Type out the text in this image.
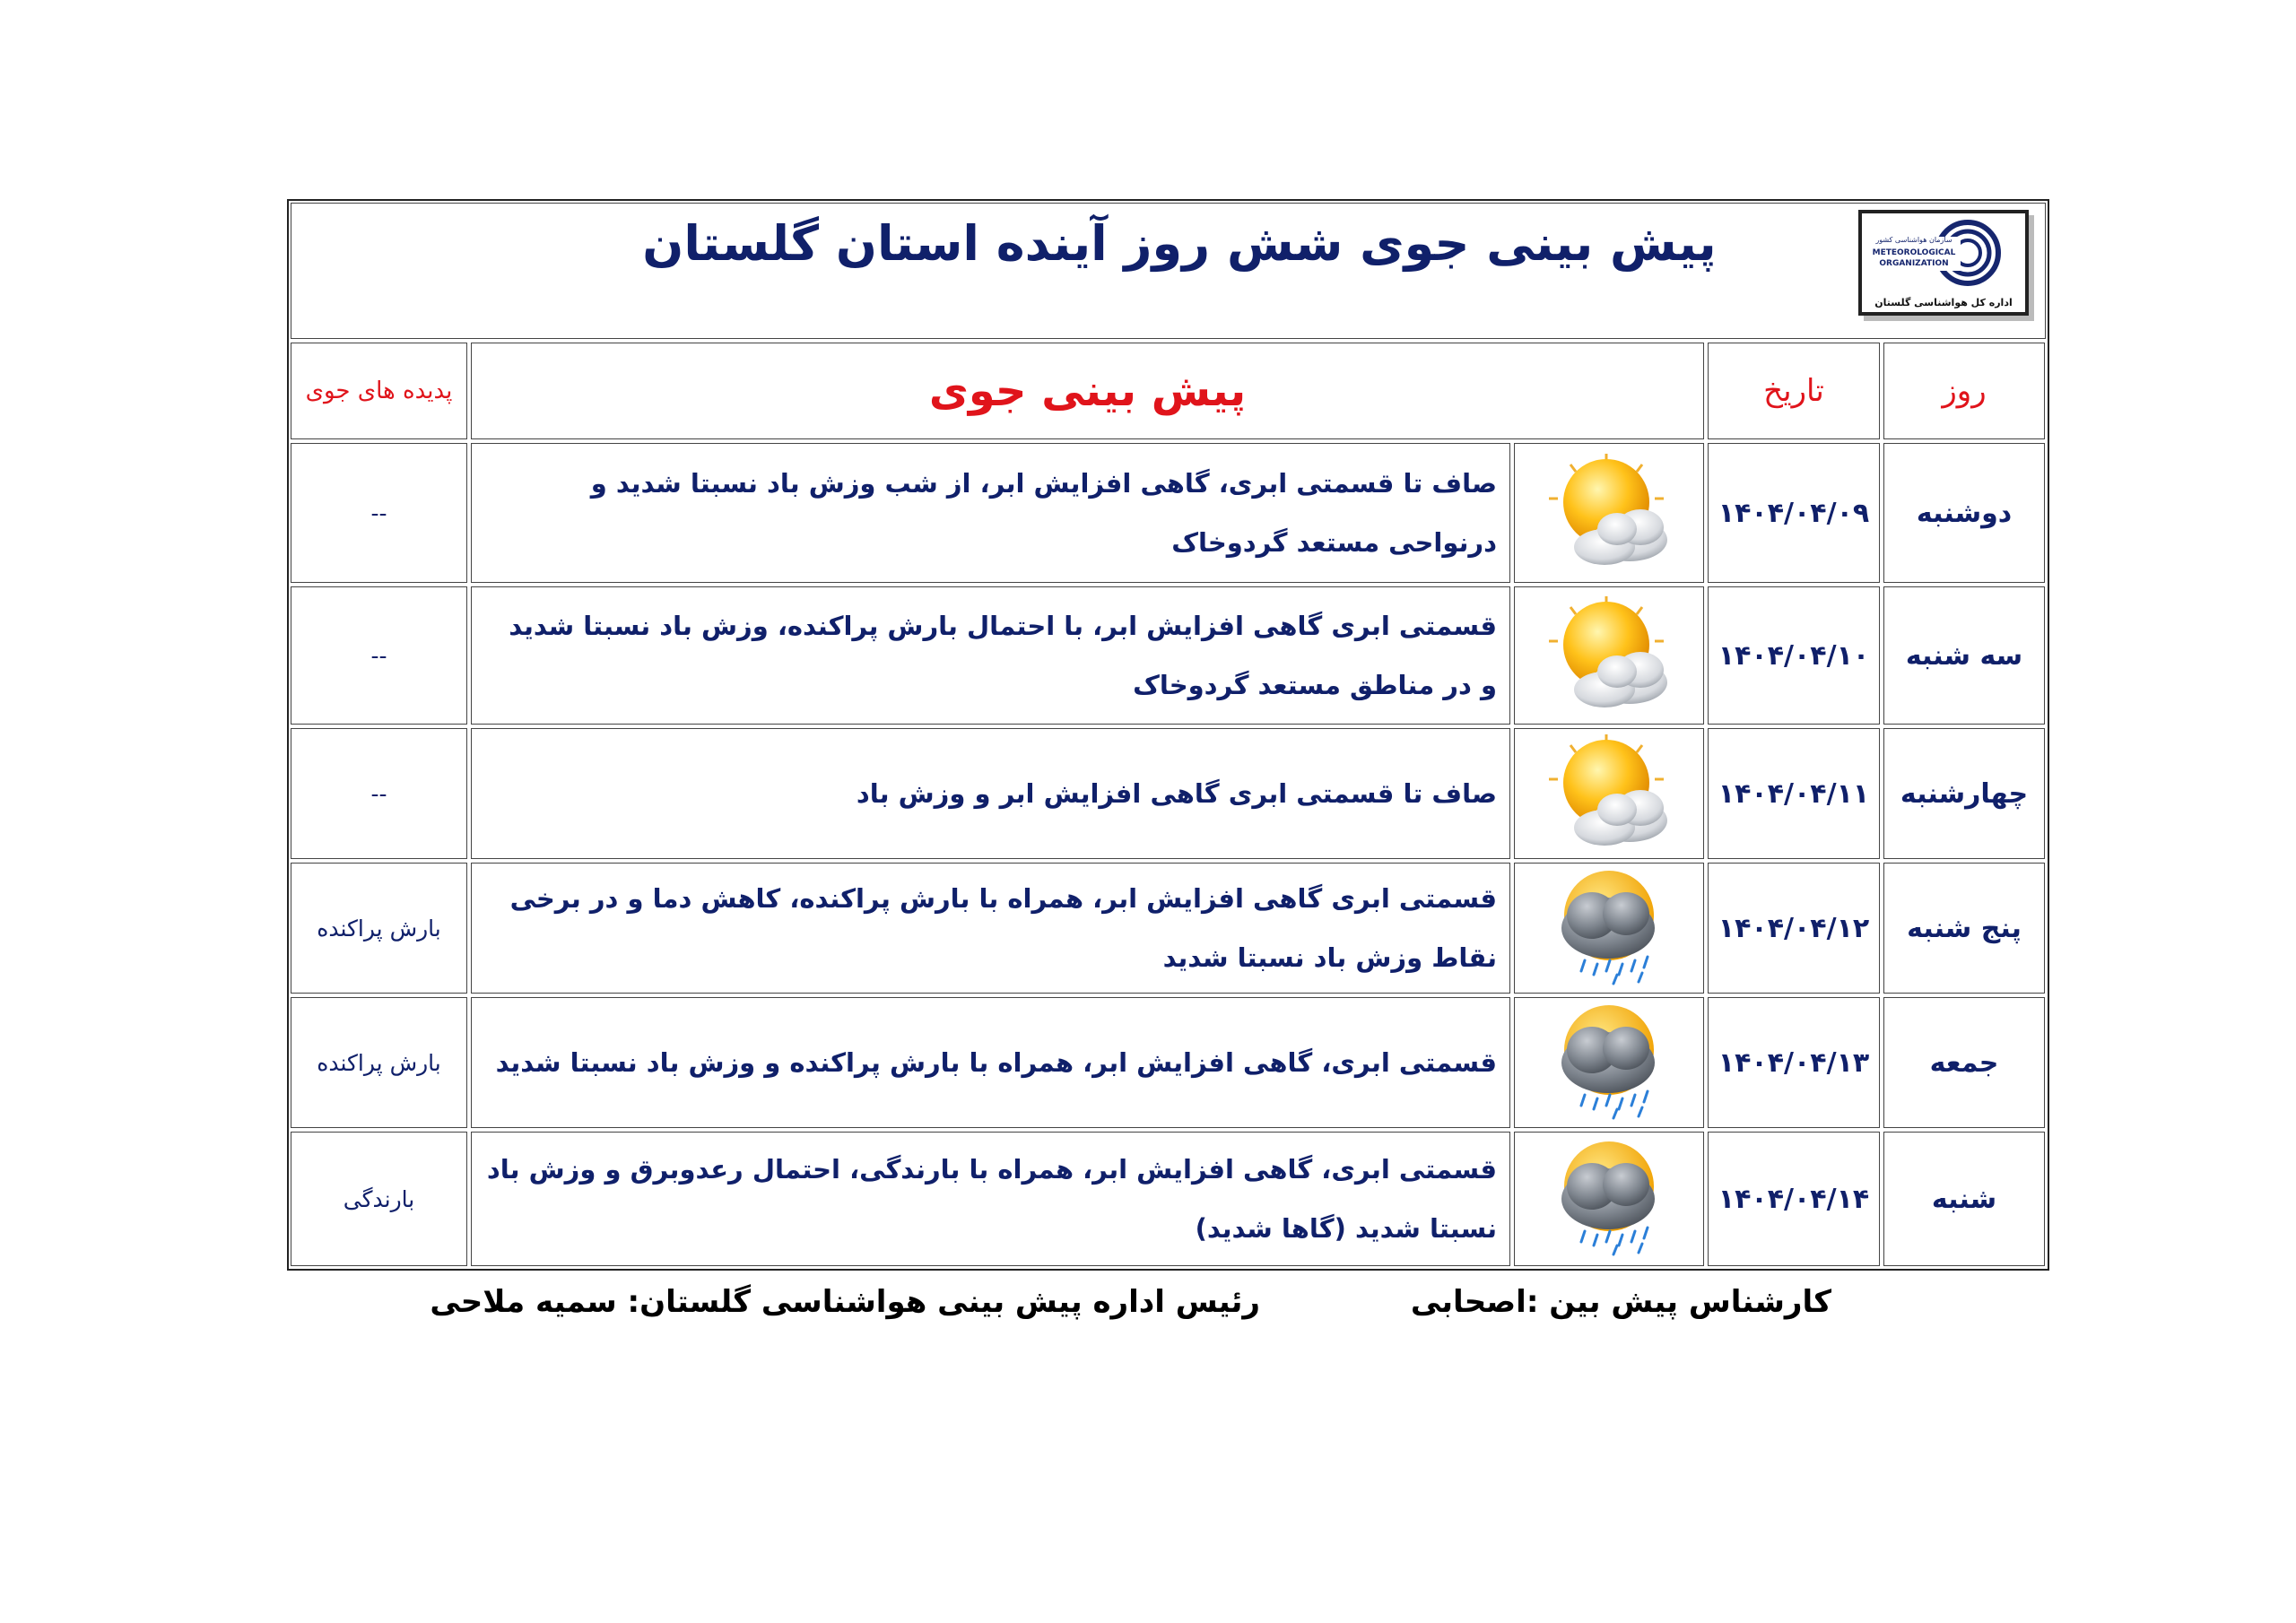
پیش بینی جوی شش روز آینده استان گلستان	سازمان هواشناسی کشور
METEOROLOGICAL
ORGANIZATION
اداره کل هواشناسی گلستان
روز
تاریخ
پیش بینی جوی
پدیده های جوی
دوشنبه
۱۴۰۴/۰۴/۰۹
صاف تا قسمتی ابری، گاهی افزایش ابر، از شب وزش باد نسبتا شدید و درنواحی مستعد گردوخاک
--
سه شنبه
۱۴۰۴/۰۴/۱۰
قسمتی ابری گاهی افزایش ابر، با احتمال بارش پراکنده، وزش باد نسبتا شدید و در مناطق مستعد گردوخاک
--
چهارشنبه
۱۴۰۴/۰۴/۱۱
صاف تا قسمتی ابری گاهی افزایش ابر و وزش باد
--
پنج شنبه
۱۴۰۴/۰۴/۱۲
قسمتی ابری گاهی افزایش ابر، همراه با بارش پراکنده، کاهش دما و در برخی نقاط وزش باد نسبتا شدید
بارش پراکنده
جمعه
۱۴۰۴/۰۴/۱۳
قسمتی ابری، گاهی افزایش ابر، همراه با بارش پراکنده و وزش باد نسبتا شدید
بارش پراکنده
شنبه
۱۴۰۴/۰۴/۱۴
قسمتی ابری، گاهی افزایش ابر، همراه با بارندگی، احتمال رعدوبرق و وزش باد نسبتا شدید (گاها شدید)
بارندگی
کارشناس پیش بین :اصحابی
رئیس اداره پیش بینی هواشناسی گلستان: سمیه ملاحی
